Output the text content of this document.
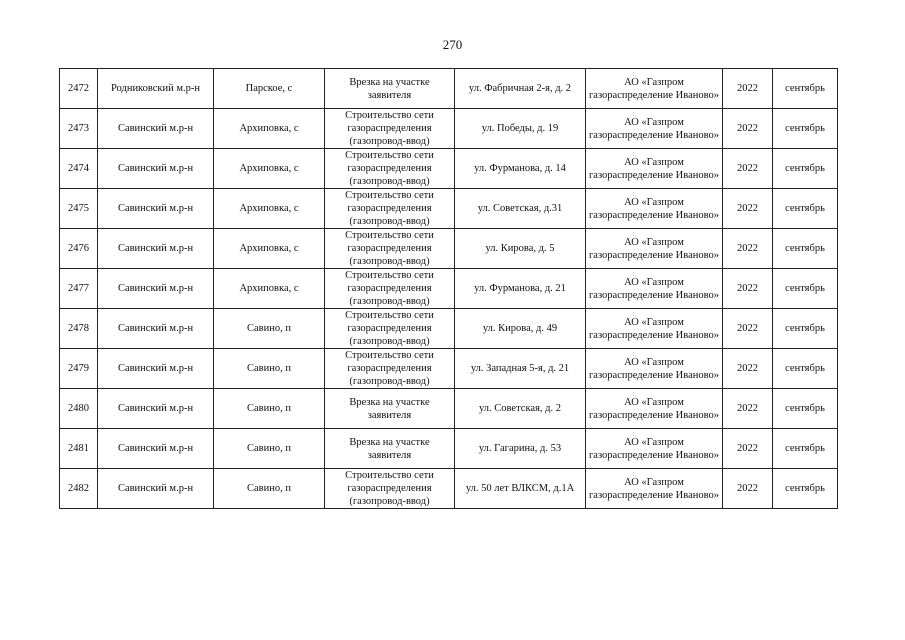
270
2472	Родниковский м.р-н	Парское, с	Врезка на участке заявителя	ул. Фабричная 2-я, д. 2	АО «Газпром газораспределение Иваново»	2022	сентябрь
2473	Савинский м.р-н	Архиповка, с	Строительство сети газораспределения (газопровод-ввод)	ул. Победы, д. 19	АО «Газпром газораспределение Иваново»	2022	сентябрь
2474	Савинский м.р-н	Архиповка, с	Строительство сети газораспределения (газопровод-ввод)	ул. Фурманова, д. 14	АО «Газпром газораспределение Иваново»	2022	сентябрь
2475	Савинский м.р-н	Архиповка, с	Строительство сети газораспределения (газопровод-ввод)	ул. Советская, д.31	АО «Газпром газораспределение Иваново»	2022	сентябрь
2476	Савинский м.р-н	Архиповка, с	Строительство сети газораспределения (газопровод-ввод)	ул. Кирова, д. 5	АО «Газпром газораспределение Иваново»	2022	сентябрь
2477	Савинский м.р-н	Архиповка, с	Строительство сети газораспределения (газопровод-ввод)	ул. Фурманова, д. 21	АО «Газпром газораспределение Иваново»	2022	сентябрь
2478	Савинский м.р-н	Савино, п	Строительство сети газораспределения (газопровод-ввод)	ул. Кирова, д. 49	АО «Газпром газораспределение Иваново»	2022	сентябрь
2479	Савинский м.р-н	Савино, п	Строительство сети газораспределения (газопровод-ввод)	ул. Западная 5-я, д. 21	АО «Газпром газораспределение Иваново»	2022	сентябрь
2480	Савинский м.р-н	Савино, п	Врезка на участке заявителя	ул. Советская, д. 2	АО «Газпром газораспределение Иваново»	2022	сентябрь
2481	Савинский м.р-н	Савино, п	Врезка на участке заявителя	ул. Гагарина, д. 53	АО «Газпром газораспределение Иваново»	2022	сентябрь
2482	Савинский м.р-н	Савино, п	Строительство сети газораспределения (газопровод-ввод)	ул. 50 лет ВЛКСМ, д.1А	АО «Газпром газораспределение Иваново»	2022	сентябрь
